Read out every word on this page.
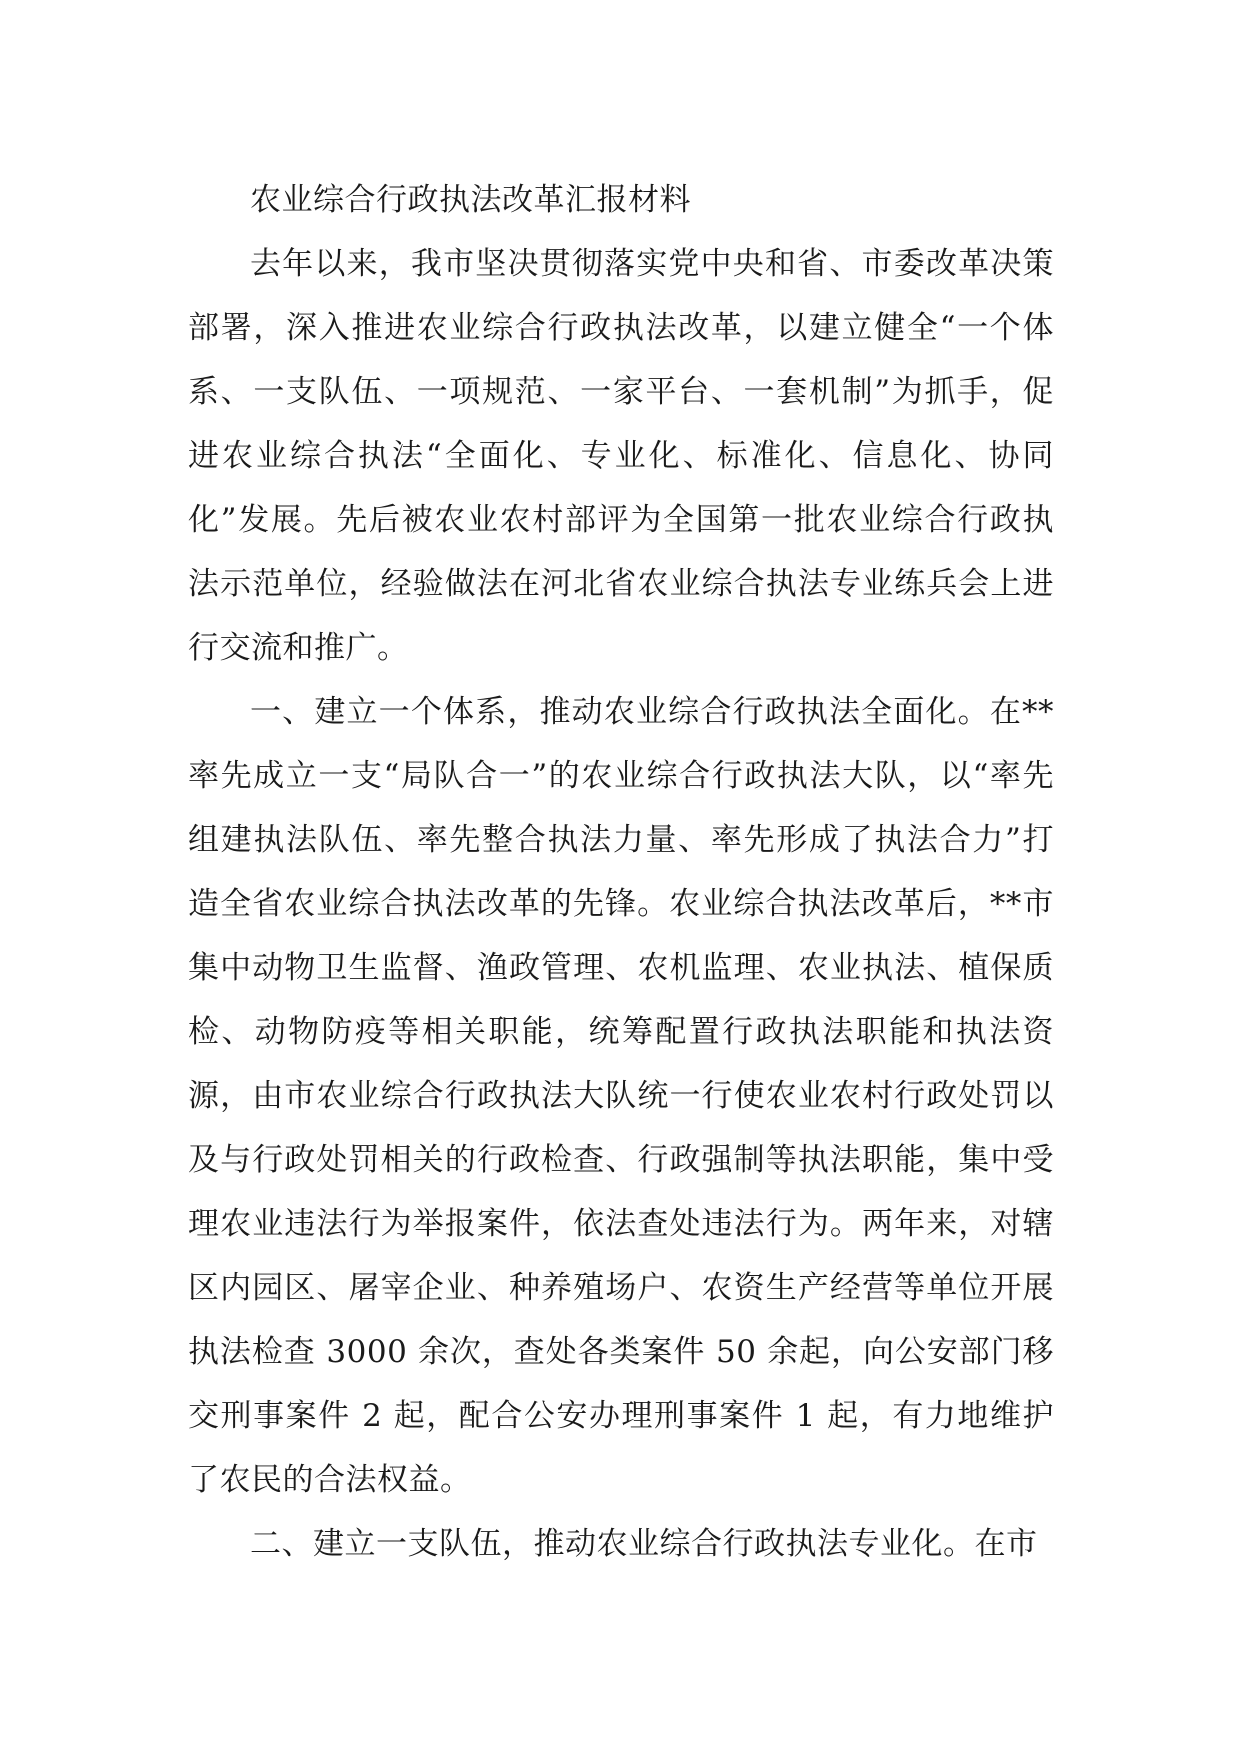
农业综合行政执法改革汇报材料

去年以来，我市坚决贯彻落实党中央和省、市委改革决策部署，深入推进农业综合行政执法改革，以建立健全“一个体系、一支队伍、一项规范、一家平台、一套机制”为抓手，促进农业综合执法“全面化、专业化、标准化、信息化、协同化”发展。先后被农业农村部评为全国第一批农业综合行政执法示范单位，经验做法在河北省农业综合执法专业练兵会上进行交流和推广。

一、建立一个体系，推动农业综合行政执法全面化。在**率先成立一支“局队合一”的农业综合行政执法大队，以“率先组建执法队伍、率先整合执法力量、率先形成了执法合力”打造全省农业综合执法改革的先锋。农业综合执法改革后，**市集中动物卫生监督、渔政管理、农机监理、农业执法、植保质检、动物防疫等相关职能，统筹配置行政执法职能和执法资源，由市农业综合行政执法大队统一行使农业农村行政处罚以及与行政处罚相关的行政检查、行政强制等执法职能，集中受理农业违法行为举报案件，依法查处违法行为。两年来，对辖区内园区、屠宰企业、种养殖场户、农资生产经营等单位开展执法检查 3000 余次，查处各类案件 50 余起，向公安部门移交刑事案件 2 起，配合公安办理刑事案件 1 起，有力地维护了农民的合法权益。

二、建立一支队伍，推动农业综合行政执法专业化。在市
